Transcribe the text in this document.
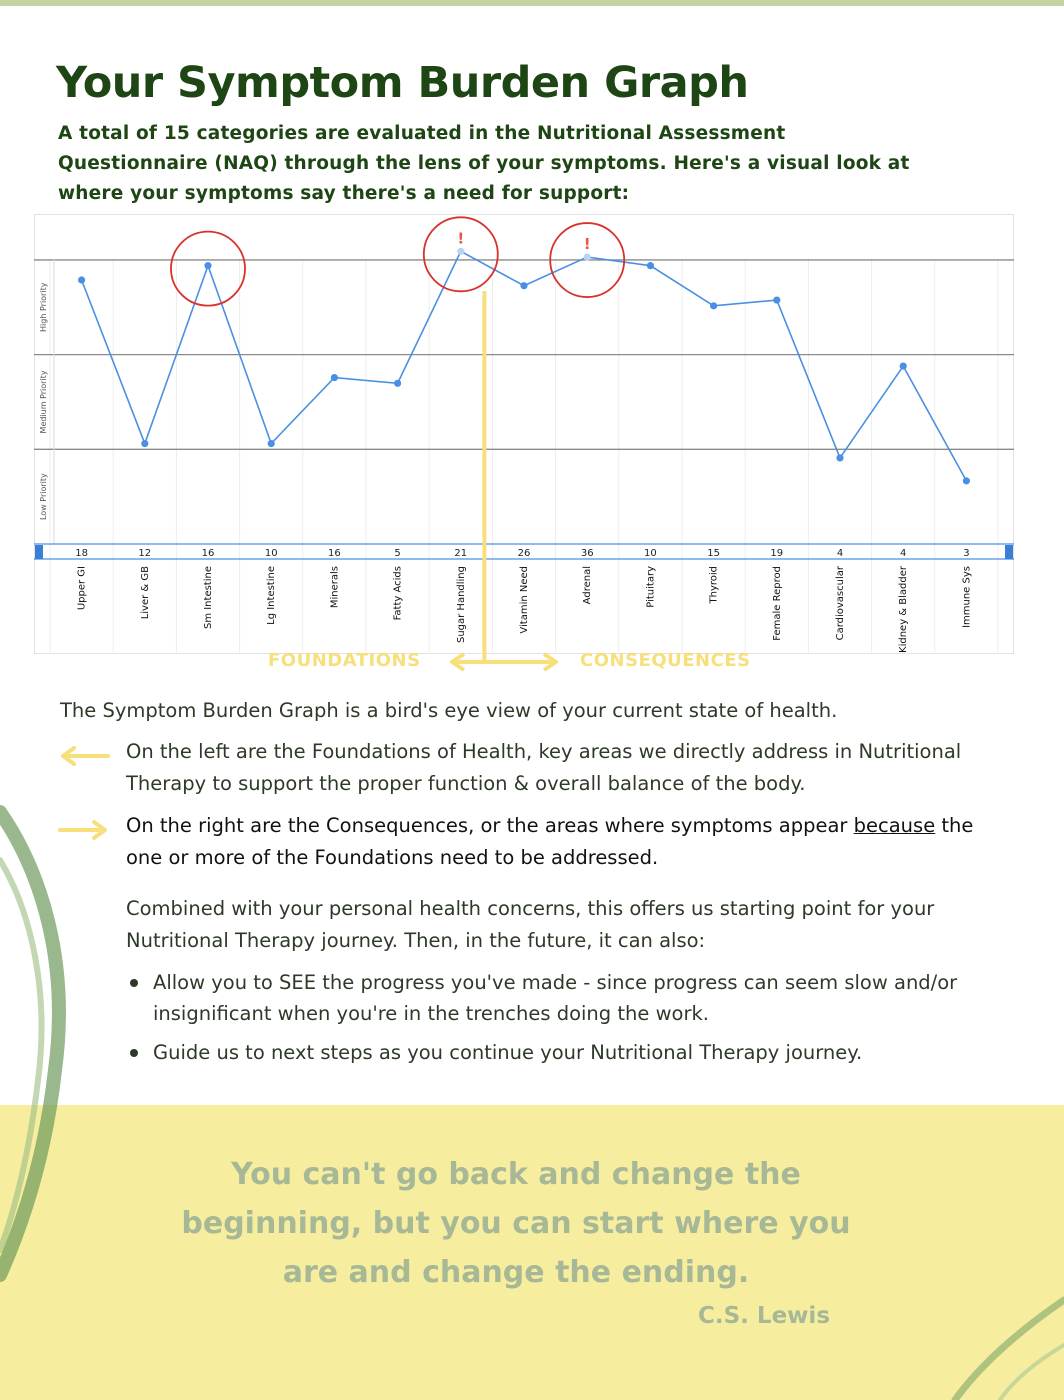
Your Symptom Burden Graph

A total of 15 categories are evaluated in the Nutritional Assessment Questionnaire (NAQ) through the lens of your symptoms. Here's a visual look at where your symptoms say there's a need for support:

Low Priority
Medium Priority
High Priority
18	12	16	10	16	5	21	26	36	10	15	19	4	4	3
Upper GI	Liver & GB	Sm Intestine	Lg Intestine	Minerals	Fatty Acids	Sugar Handling	Vitamin Need	Adrenal	Pituitary	Thyroid	Female Reprod	Cardiovascular	Kidney & Bladder	Immune Sys
!	!
FOUNDATIONS	CONSEQUENCES

The Symptom Burden Graph is a bird's eye view of your current state of health.

On the left are the Foundations of Health, key areas we directly address in Nutritional Therapy to support the proper function & overall balance of the body.

On the right are the Consequences, or the areas where symptoms appear because the one or more of the Foundations need to be addressed.

Combined with your personal health concerns, this offers us starting point for your Nutritional Therapy journey. Then, in the future, it can also:

Allow you to SEE the progress you've made - since progress can seem slow and/or insignificant when you're in the trenches doing the work.
Guide us to next steps as you continue your Nutritional Therapy journey.

You can't go back and change the beginning, but you can start where you are and change the ending.

C.S. Lewis
